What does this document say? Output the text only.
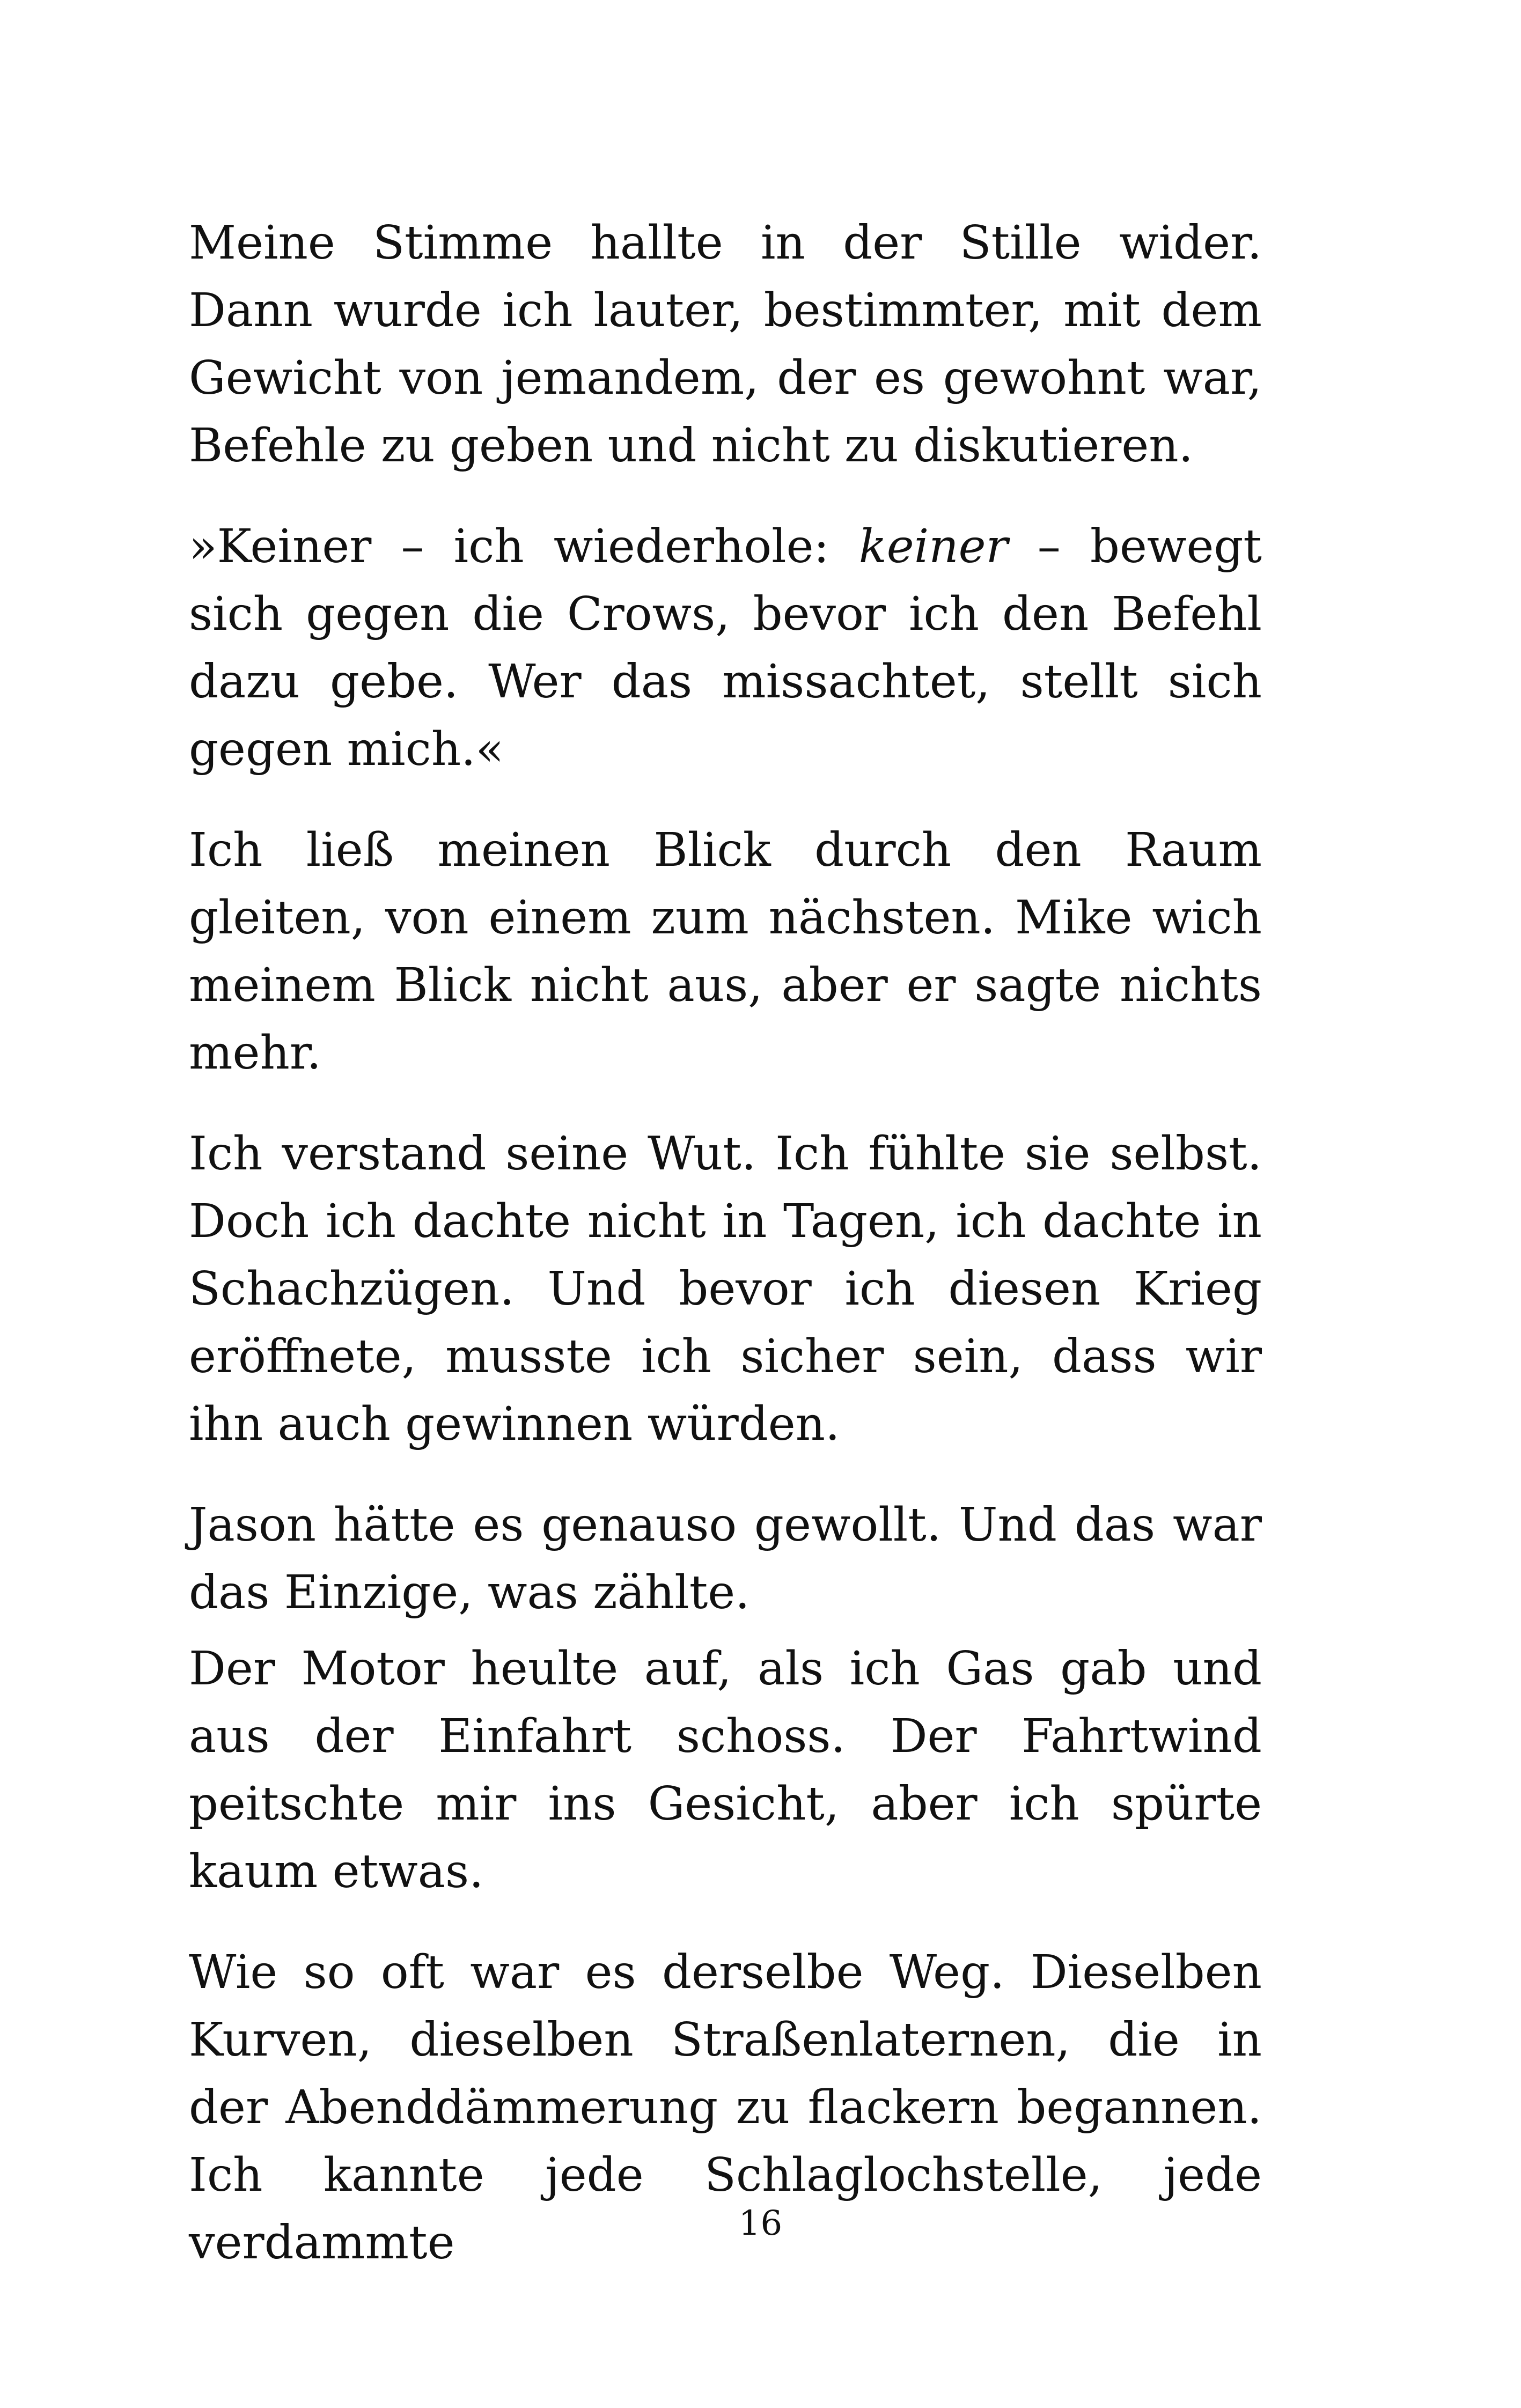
Meine Stimme hallte in der Stille wider. Dann wurde ich lauter, bestimmter, mit dem Gewicht von jemandem, der es gewohnt war, Befehle zu geben und nicht zu diskutieren.

»Keiner – ich wiederhole: keiner – bewegt sich gegen die Crows, bevor ich den Befehl dazu gebe. Wer das missachtet, stellt sich gegen mich.«

Ich ließ meinen Blick durch den Raum gleiten, von einem zum nächsten. Mike wich meinem Blick nicht aus, aber er sagte nichts mehr.

Ich verstand seine Wut. Ich fühlte sie selbst. Doch ich dachte nicht in Tagen, ich dachte in Schachzügen. Und bevor ich diesen Krieg eröffnete, musste ich sicher sein, dass wir ihn auch gewinnen würden.

Jason hätte es genauso gewollt. Und das war das Einzige, was zählte.

Der Motor heulte auf, als ich Gas gab und aus der Einfahrt schoss. Der Fahrtwind peitschte mir ins Gesicht, aber ich spürte kaum etwas.

Wie so oft war es derselbe Weg. Dieselben Kurven, dieselben Straßenlaternen, die in der Abenddämmerung zu flackern begannen. Ich kannte jede Schlaglochstelle, jede verdammte	16
